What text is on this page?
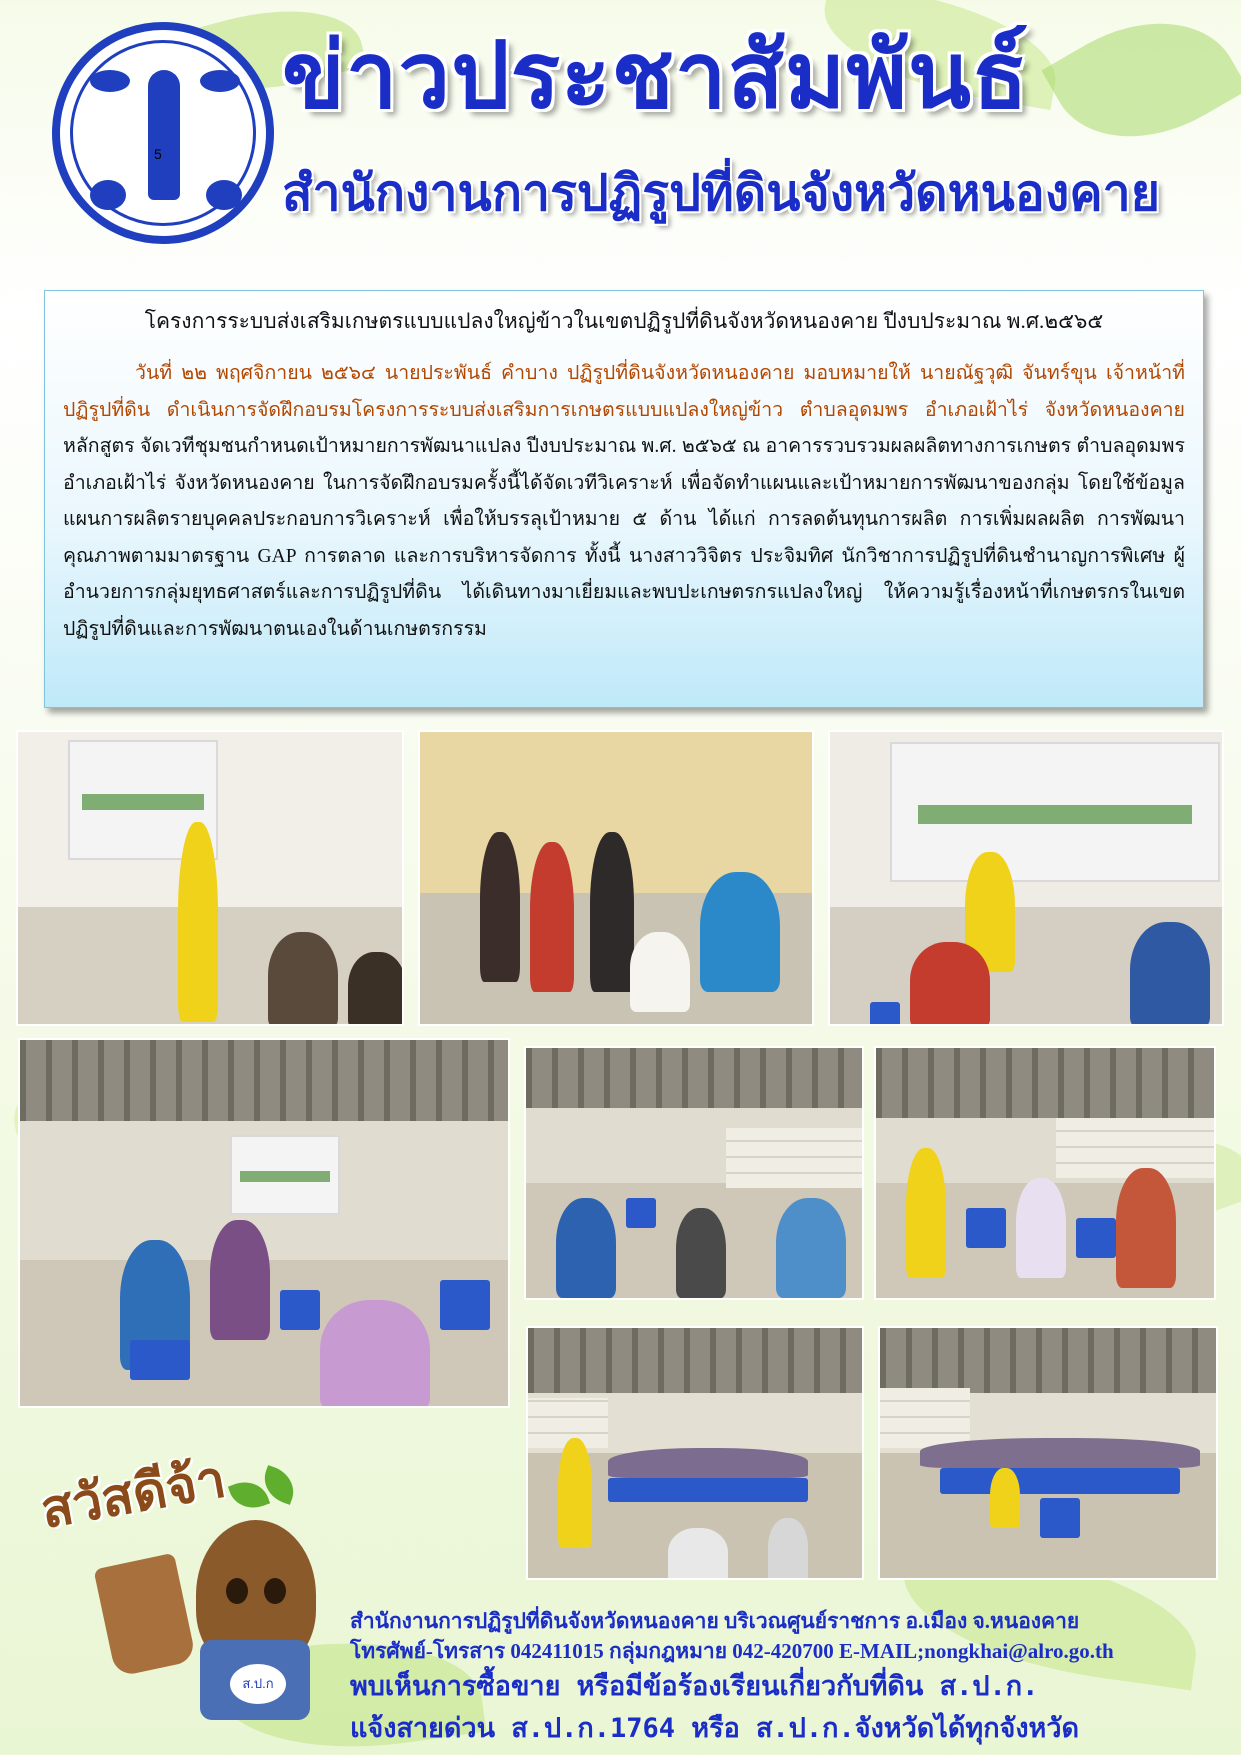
5
ข่าวประชาสัมพันธ์
สำนักงานการปฏิรูปที่ดินจังหวัดหนองคาย
โครงการระบบส่งเสริมเกษตรแบบแปลงใหญ่ข้าวในเขตปฏิรูปที่ดินจังหวัดหนองคาย ปีงบประมาณ พ.ศ.๒๕๖๕

วันที่ ๒๒ พฤศจิกายน ๒๕๖๔ นายประพันธ์ คำบาง ปฏิรูปที่ดินจังหวัดหนองคาย มอบหมายให้ นายณัฐวุฒิ จันทร์ขุน เจ้าหน้าที่ปฏิรูปที่ดิน ดำเนินการจัดฝึกอบรมโครงการระบบส่งเสริมการเกษตรแบบแปลงใหญ่ข้าว ตำบลอุดมพร อำเภอเฝ้าไร่ จังหวัดหนองคาย หลักสูตร จัดเวทีชุมชนกำหนดเป้าหมายการพัฒนาแปลง ปีงบประมาณ พ.ศ. ๒๕๖๕ ณ อาคารรวบรวมผลผลิตทางการเกษตร ตำบลอุดมพรอำเภอเฝ้าไร่ จังหวัดหนองคาย ในการจัดฝึกอบรมครั้งนี้ได้จัดเวทีวิเคราะห์ เพื่อจัดทำแผนและเป้าหมายการพัฒนาของกลุ่ม โดยใช้ข้อมูลแผนการผลิตรายบุคคลประกอบการวิเคราะห์ เพื่อให้บรรลุเป้าหมาย ๕ ด้าน ได้แก่ การลดต้นทุนการผลิต การเพิ่มผลผลิต การพัฒนาคุณภาพตามมาตรฐาน GAP การตลาด และการบริหารจัดการ ทั้งนี้ นางสาววิจิตร ประจิมทิศ นักวิชาการปฏิรูปที่ดินชำนาญการพิเศษ ผู้อำนวยการกลุ่มยุทธศาสตร์และการปฏิรูปที่ดิน ได้เดินทางมาเยี่ยมและพบปะเกษตรกรแปลงใหญ่ ให้ความรู้เรื่องหน้าที่เกษตรกรในเขตปฏิรูปที่ดินและการพัฒนาตนเองในด้านเกษตรกรรม

สวัสดีจ้า
ส.ป.ก
สำนักงานการปฏิรูปที่ดินจังหวัดหนองคาย บริเวณศูนย์ราชการ อ.เมือง จ.หนองคาย
โทรศัพย์-โทรสาร 042411015 กลุ่มกฎหมาย 042-420700 E-MAIL;nongkhai@alro.go.th
พบเห็นการซื้อขาย หรือมีข้อร้องเรียนเกี่ยวกับที่ดิน ส.ป.ก.
แจ้งสายด่วน ส.ป.ก.1764 หรือ ส.ป.ก.จังหวัดได้ทุกจังหวัด
